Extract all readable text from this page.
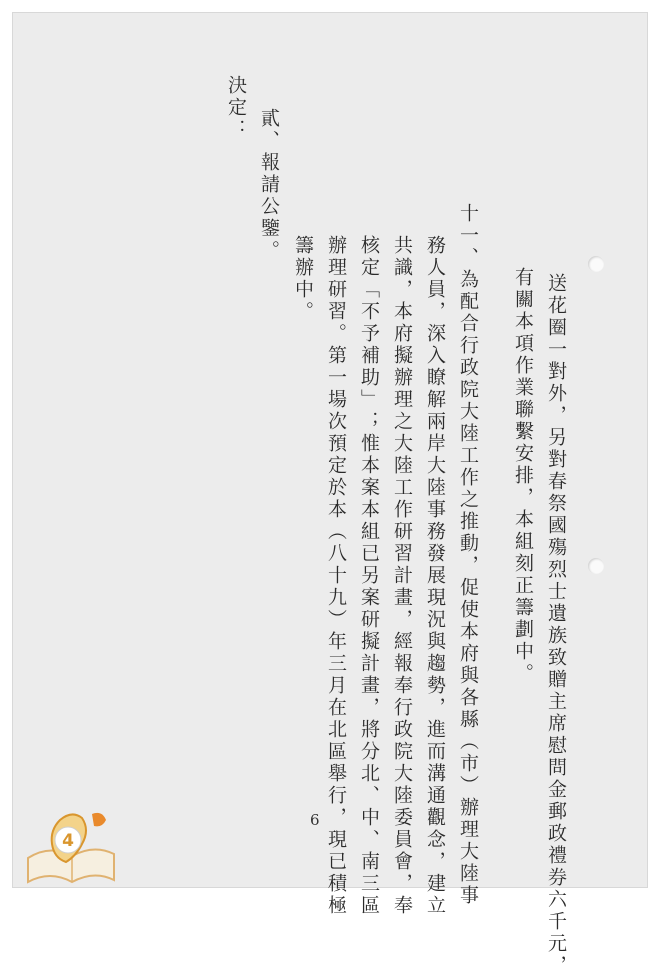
送花圈一對外，另對春祭國殤烈士遺族致贈主席慰問金郵政禮券六千元，
有關本項作業聯繫安排，本組刻正籌劃中。
十一、為配合行政院大陸工作之推動，促使本府與各縣（市）辦理大陸事
務人員，深入瞭解兩岸大陸事務發展現況與趨勢，進而溝通觀念，建立
共識，本府擬辦理之大陸工作研習計畫，經報奉行政院大陸委員會，奉
核定「不予補助」；惟本案本組已另案研擬計畫，將分北、中、南三區
辦理研習。第一場次預定於本（八十九）年三月在北區舉行，現已積極
籌辦中。
貳、報請公鑒。
決定：
6
4
